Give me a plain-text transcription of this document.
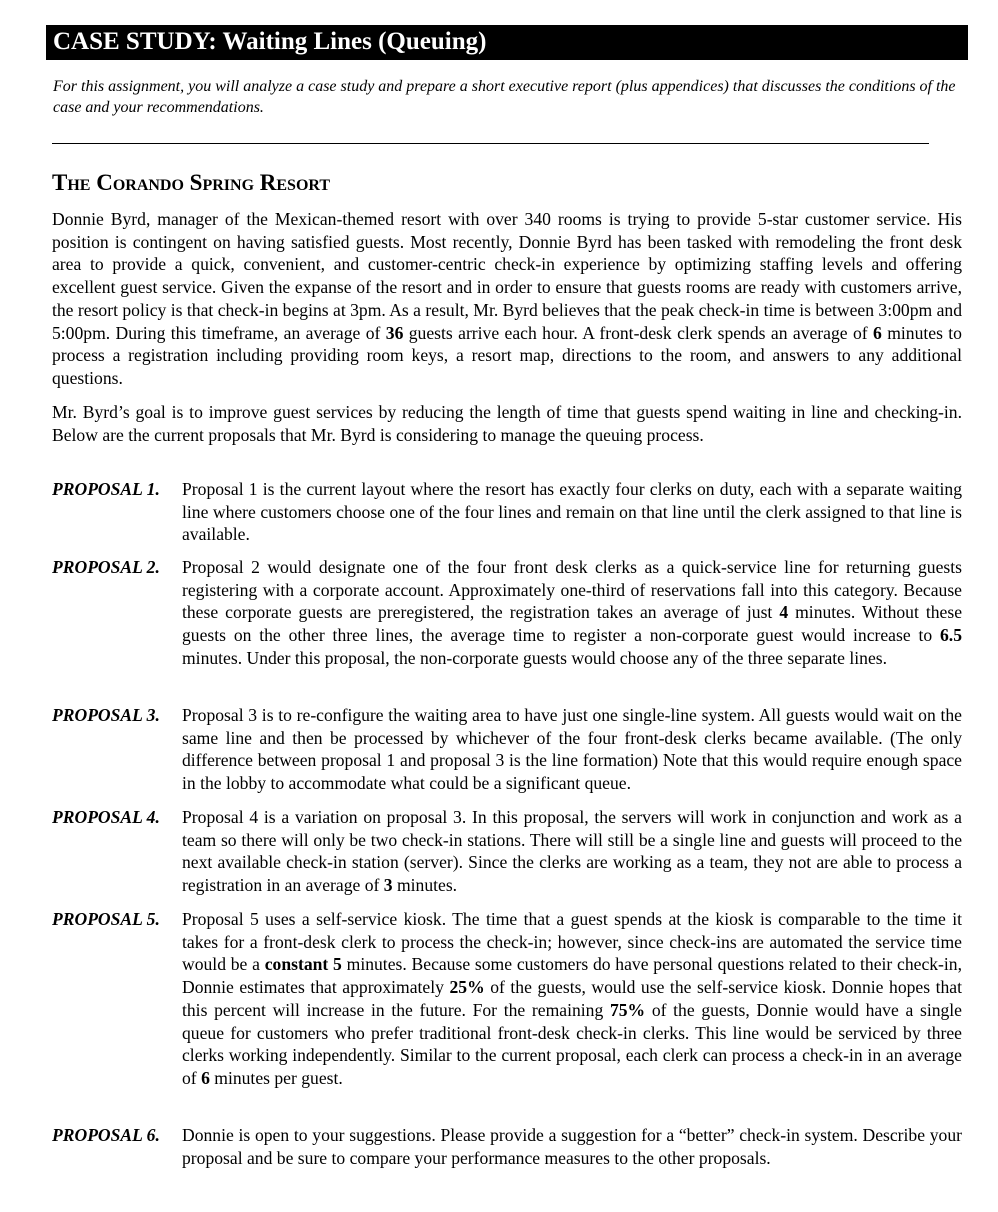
CASE STUDY: Waiting Lines (Queuing)
For this assignment, you will analyze a case study and prepare a short executive report (plus appendices) that discusses the conditions of the case and your recommendations.
The Corando Spring Resort
Donnie Byrd, manager of the Mexican-themed resort with over 340 rooms is trying to provide 5-star customer service. His position is contingent on having satisfied guests. Most recently, Donnie Byrd has been tasked with remodeling the front desk area to provide a quick, convenient, and customer-centric check-in experience by optimizing staffing levels and offering excellent guest service. Given the expanse of the resort and in order to ensure that guests rooms are ready with customers arrive, the resort policy is that check-in begins at 3pm. As a result, Mr. Byrd believes that the peak check-in time is between 3:00pm and 5:00pm. During this timeframe, an average of 36 guests arrive each hour. A front-desk clerk spends an average of 6 minutes to process a registration including providing room keys, a resort map, directions to the room, and answers to any additional questions.
Mr. Byrd’s goal is to improve guest services by reducing the length of time that guests spend waiting in line and checking-in. Below are the current proposals that Mr. Byrd is considering to manage the queuing process.
PROPOSAL 1. Proposal 1 is the current layout where the resort has exactly four clerks on duty, each with a separate waiting line where customers choose one of the four lines and remain on that line until the clerk assigned to that line is available.
PROPOSAL 2. Proposal 2 would designate one of the four front desk clerks as a quick-service line for returning guests registering with a corporate account. Approximately one-third of reservations fall into this category. Because these corporate guests are preregistered, the registration takes an average of just 4 minutes. Without these guests on the other three lines, the average time to register a non-corporate guest would increase to 6.5 minutes. Under this proposal, the non-corporate guests would choose any of the three separate lines.
PROPOSAL 3. Proposal 3 is to re-configure the waiting area to have just one single-line system. All guests would wait on the same line and then be processed by whichever of the four front-desk clerks became available. (The only difference between proposal 1 and proposal 3 is the line formation) Note that this would require enough space in the lobby to accommodate what could be a significant queue.
PROPOSAL 4. Proposal 4 is a variation on proposal 3. In this proposal, the servers will work in conjunction and work as a team so there will only be two check-in stations. There will still be a single line and guests will proceed to the next available check-in station (server). Since the clerks are working as a team, they not are able to process a registration in an average of 3 minutes.
PROPOSAL 5. Proposal 5 uses a self-service kiosk. The time that a guest spends at the kiosk is comparable to the time it takes for a front-desk clerk to process the check-in; however, since check-ins are automated the service time would be a constant 5 minutes. Because some customers do have personal questions related to their check-in, Donnie estimates that approximately 25% of the guests, would use the self-service kiosk. Donnie hopes that this percent will increase in the future. For the remaining 75% of the guests, Donnie would have a single queue for customers who prefer traditional front-desk check-in clerks. This line would be serviced by three clerks working independently. Similar to the current proposal, each clerk can process a check-in in an average of 6 minutes per guest.
PROPOSAL 6. Donnie is open to your suggestions. Please provide a suggestion for a “better” check-in system. Describe your proposal and be sure to compare your performance measures to the other proposals.
